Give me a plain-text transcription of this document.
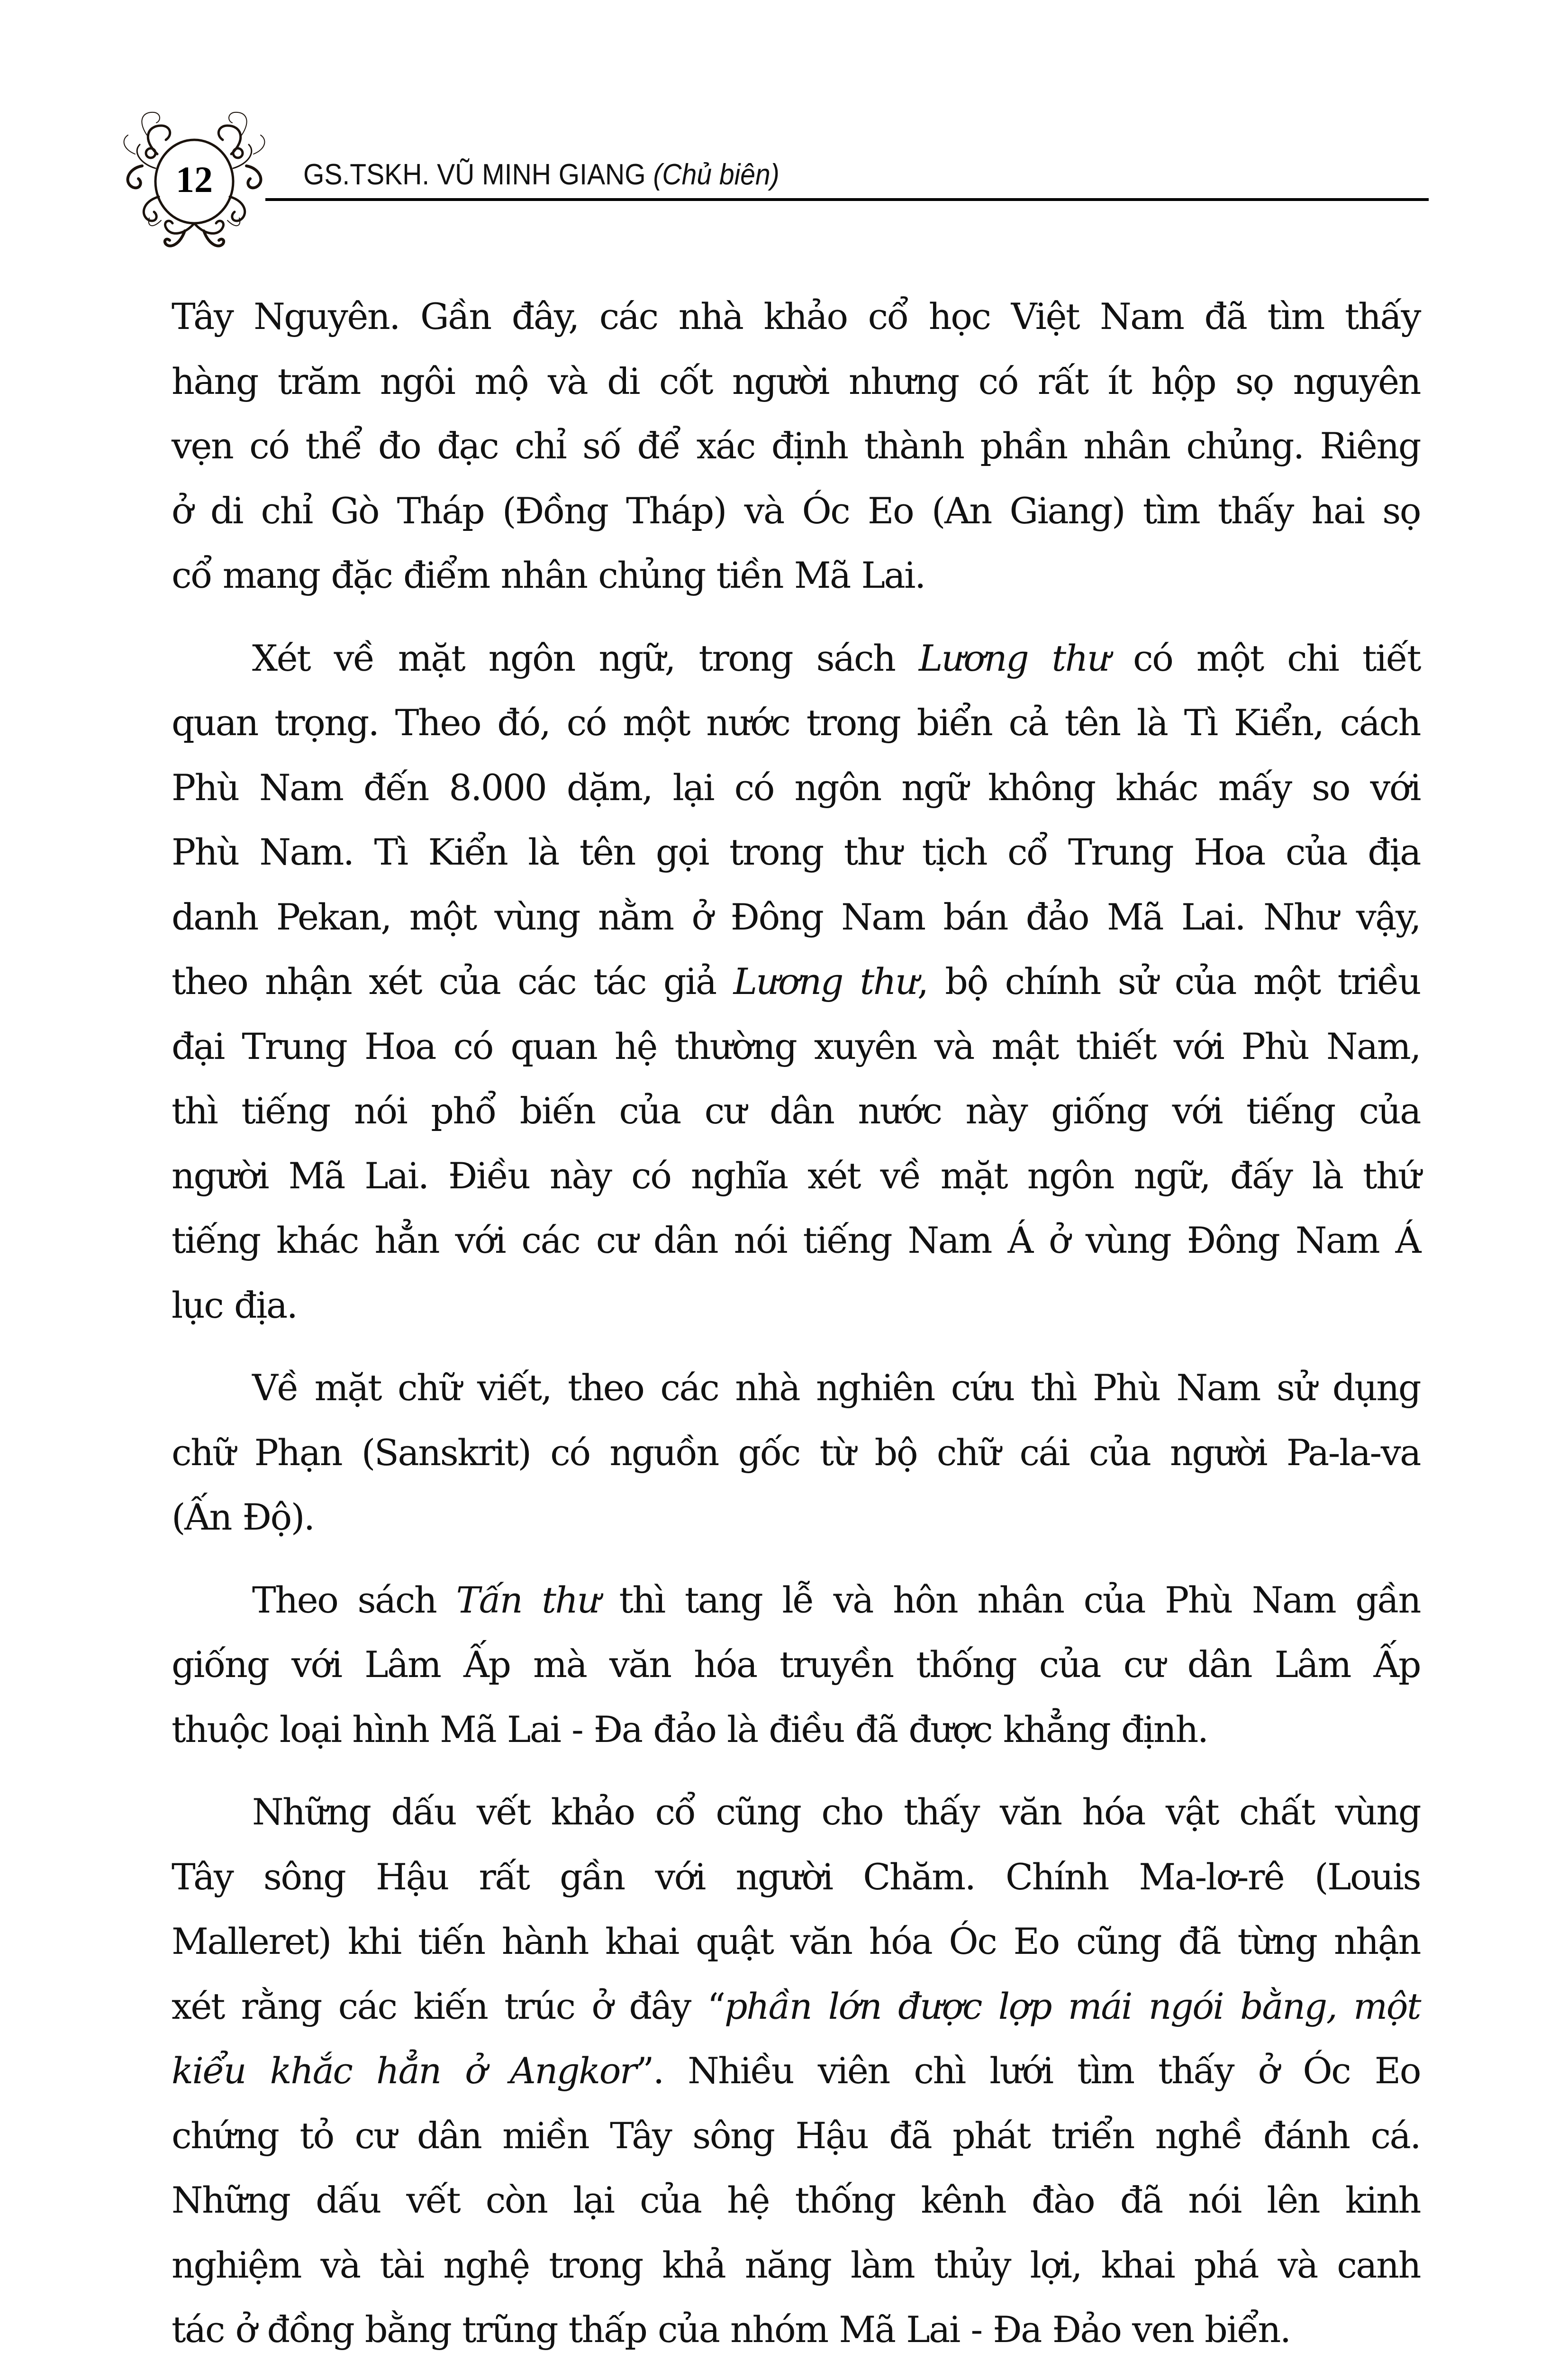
12	GS.TSKH. VŨ MINH GIANG (Chủ biên)
Tây Nguyên. Gần đây, các nhà khảo cổ học Việt Nam đã tìm thấy
hàng trăm ngôi mộ và di cốt người nhưng có rất ít hộp sọ nguyên
vẹn có thể đo đạc chỉ số để xác định thành phần nhân chủng. Riêng
ở di chỉ Gò Tháp (Đồng Tháp) và Óc Eo (An Giang) tìm thấy hai sọ
cổ mang đặc điểm nhân chủng tiền Mã Lai.
Xét về mặt ngôn ngữ, trong sách Lương thư có một chi tiết
quan trọng. Theo đó, có một nước trong biển cả tên là Tì Kiển, cách
Phù Nam đến 8.000 dặm, lại có ngôn ngữ không khác mấy so với
Phù Nam. Tì Kiển là tên gọi trong thư tịch cổ Trung Hoa của địa
danh Pekan, một vùng nằm ở Đông Nam bán đảo Mã Lai. Như vậy,
theo nhận xét của các tác giả Lương thư, bộ chính sử của một triều
đại Trung Hoa có quan hệ thường xuyên và mật thiết với Phù Nam,
thì tiếng nói phổ biến của cư dân nước này giống với tiếng của
người Mã Lai. Điều này có nghĩa xét về mặt ngôn ngữ, đấy là thứ
tiếng khác hẳn với các cư dân nói tiếng Nam Á ở vùng Đông Nam Á
lục địa.
Về mặt chữ viết, theo các nhà nghiên cứu thì Phù Nam sử dụng
chữ Phạn (Sanskrit) có nguồn gốc từ bộ chữ cái của người Pa-la-va
(Ấn Độ).
Theo sách Tấn thư thì tang lễ và hôn nhân của Phù Nam gần
giống với Lâm Ấp mà văn hóa truyền thống của cư dân Lâm Ấp
thuộc loại hình Mã Lai - Đa đảo là điều đã được khẳng định.
Những dấu vết khảo cổ cũng cho thấy văn hóa vật chất vùng
Tây sông Hậu rất gần với người Chăm. Chính Ma-lơ-rê (Louis
Malleret) khi tiến hành khai quật văn hóa Óc Eo cũng đã từng nhận
xét rằng các kiến trúc ở đây “phần lớn được lợp mái ngói bằng, một
kiểu khắc hẳn ở Angkor”. Nhiều viên chì lưới tìm thấy ở Óc Eo
chứng tỏ cư dân miền Tây sông Hậu đã phát triển nghề đánh cá.
Những dấu vết còn lại của hệ thống kênh đào đã nói lên kinh
nghiệm và tài nghệ trong khả năng làm thủy lợi, khai phá và canh
tác ở đồng bằng trũng thấp của nhóm Mã Lai - Đa Đảo ven biển.
